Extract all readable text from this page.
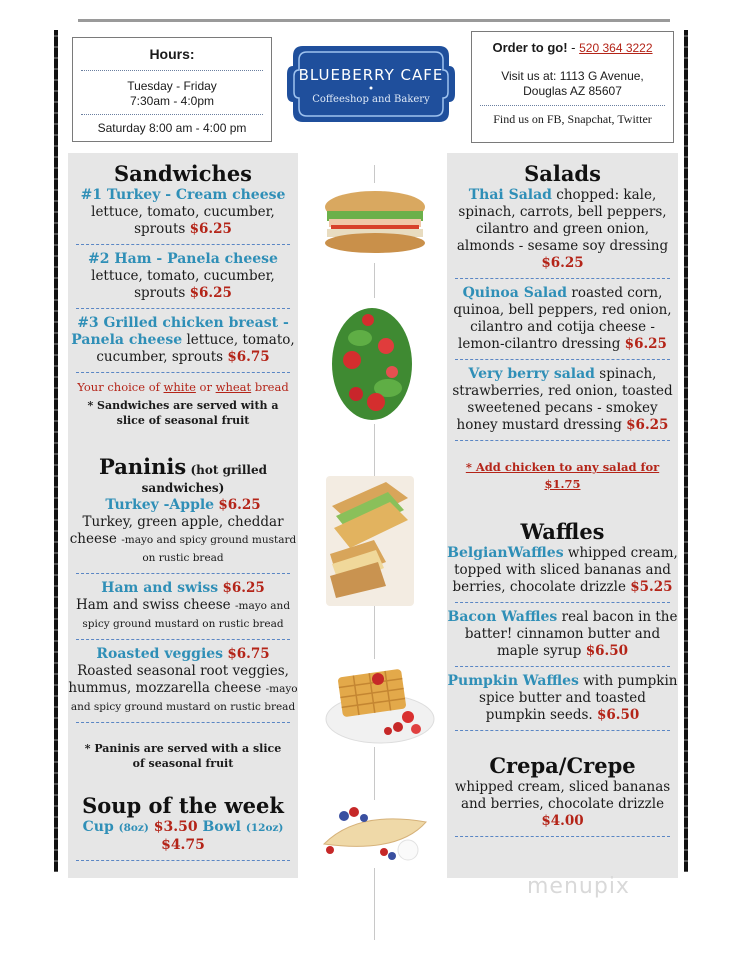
Hours:
Tuesday - Friday
7:30am - 4:0pm
Saturday 8:00 am - 4:00 pm
BLUEBERRY CAFE
Coffeeshop and Bakery
Order to go! - 520 364 3222
Visit us at: 1113 G Avenue,
Douglas AZ 85607
Find us on FB, Snapchat, Twitter
Sandwiches
#1 Turkey - Cream cheese
lettuce, tomato, cucumber, sprouts $6.25
#2 Ham - Panela cheese
lettuce, tomato, cucumber, sprouts $6.25
#3 Grilled chicken breast - Panela cheese lettuce, tomato, cucumber, sprouts $6.75
Your choice of white or wheat bread
* Sandwiches are served with a slice of seasonal fruit
Paninis (hot grilled sandwiches)
Turkey -Apple $6.25
Turkey, green apple, cheddar cheese -mayo and spicy ground mustard on rustic bread
Ham and swiss $6.25
Ham and swiss cheese -mayo and spicy ground mustard on rustic bread
Roasted veggies $6.75
Roasted seasonal root veggies, hummus, mozzarella cheese -mayo and spicy ground mustard on rustic bread
* Paninis are served with a slice of seasonal fruit
Soup of the week
Cup (8oz) $3.50 Bowl (12oz) $4.75
Salads
Thai Salad chopped: kale, spinach, carrots, bell peppers, cilantro and green onion, almonds - sesame soy dressing $6.25
Quinoa Salad roasted corn, quinoa, bell peppers, red onion, cilantro and cotija cheese - lemon-cilantro dressing $6.25
Very berry salad spinach, strawberries, red onion, toasted sweetened pecans - smokey honey mustard dressing $6.25
* Add chicken to any salad for $1.75
Waffles
BelgianWaffles whipped cream, topped with sliced bananas and berries, chocolate drizzle $5.25
Bacon Waffles real bacon in the batter! cinnamon butter and maple syrup $6.50
Pumpkin Waffles with pumpkin spice butter and toasted pumpkin seeds. $6.50
Crepa/Crepe
whipped cream, sliced bananas and berries, chocolate drizzle
$4.00
menupix
